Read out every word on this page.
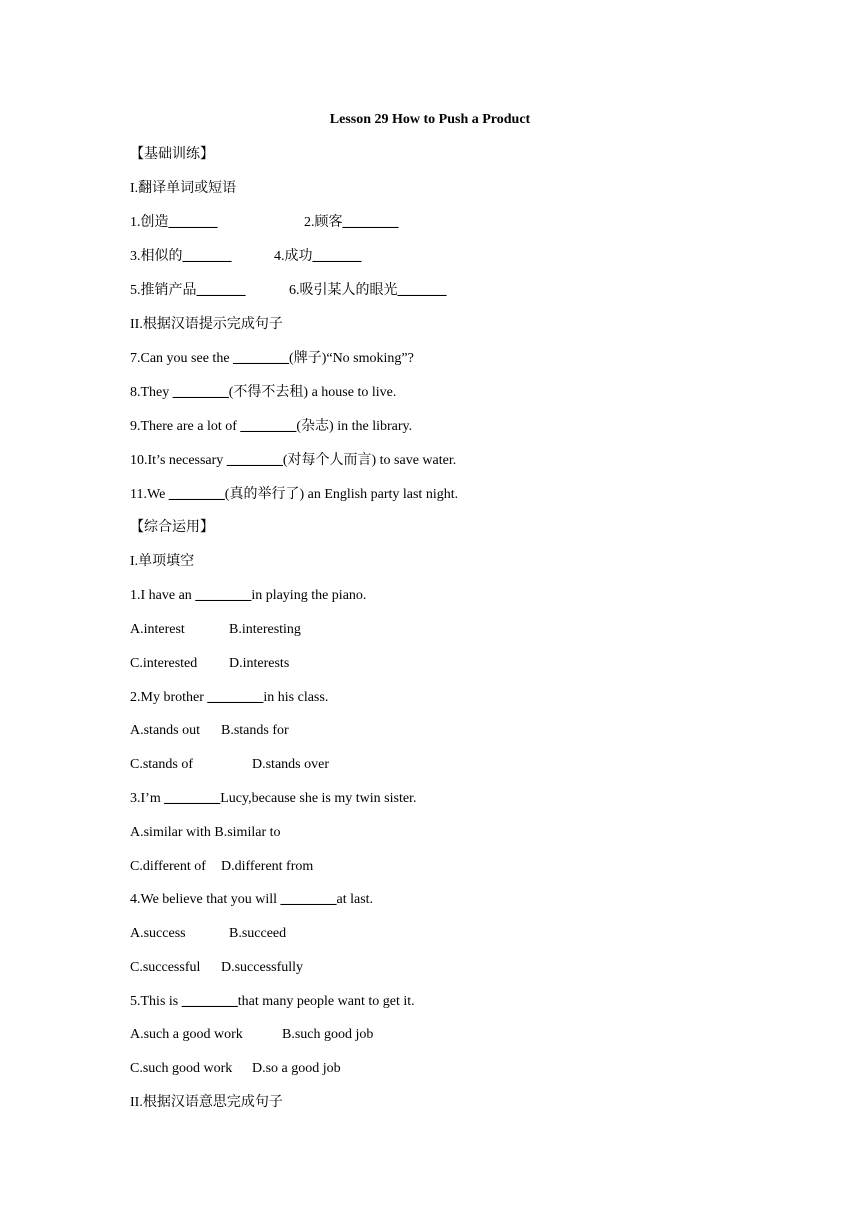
Lesson 29 How to Push a Product
【基础训练】
I.翻译单词或短语
1.创造_______	2.顾客________
3.相似的_______	4.成功_______
5.推销产品_______	6.吸引某人的眼光_______
II.根据汉语提示完成句子
7.Can you see the ________(牌子)“No smoking”?
8.They ________(不得不去租) a house to live.
9.There are a lot of ________(杂志) in the library.
10.It’s necessary ________(对每个人而言) to save water.
11.We ________(真的举行了) an English party last night.
【综合运用】
I.单项填空
1.I have an ________in playing the piano.
A.interest	B.interesting
C.interested D.interests
2.My brother ________in his class.
A.stands out B.stands for
C.stands of	D.stands over
3.I’m ________Lucy,because she is my twin sister.
A.similar with B.similar to
C.different of D.different from
4.We believe that you will ________at last.
A.success	B.succeed
C.successful D.successfully
5.This is ________that many people want to get it.
A.such a good work	B.such good job
C.such good work D.so a good job
II.根据汉语意思完成句子
